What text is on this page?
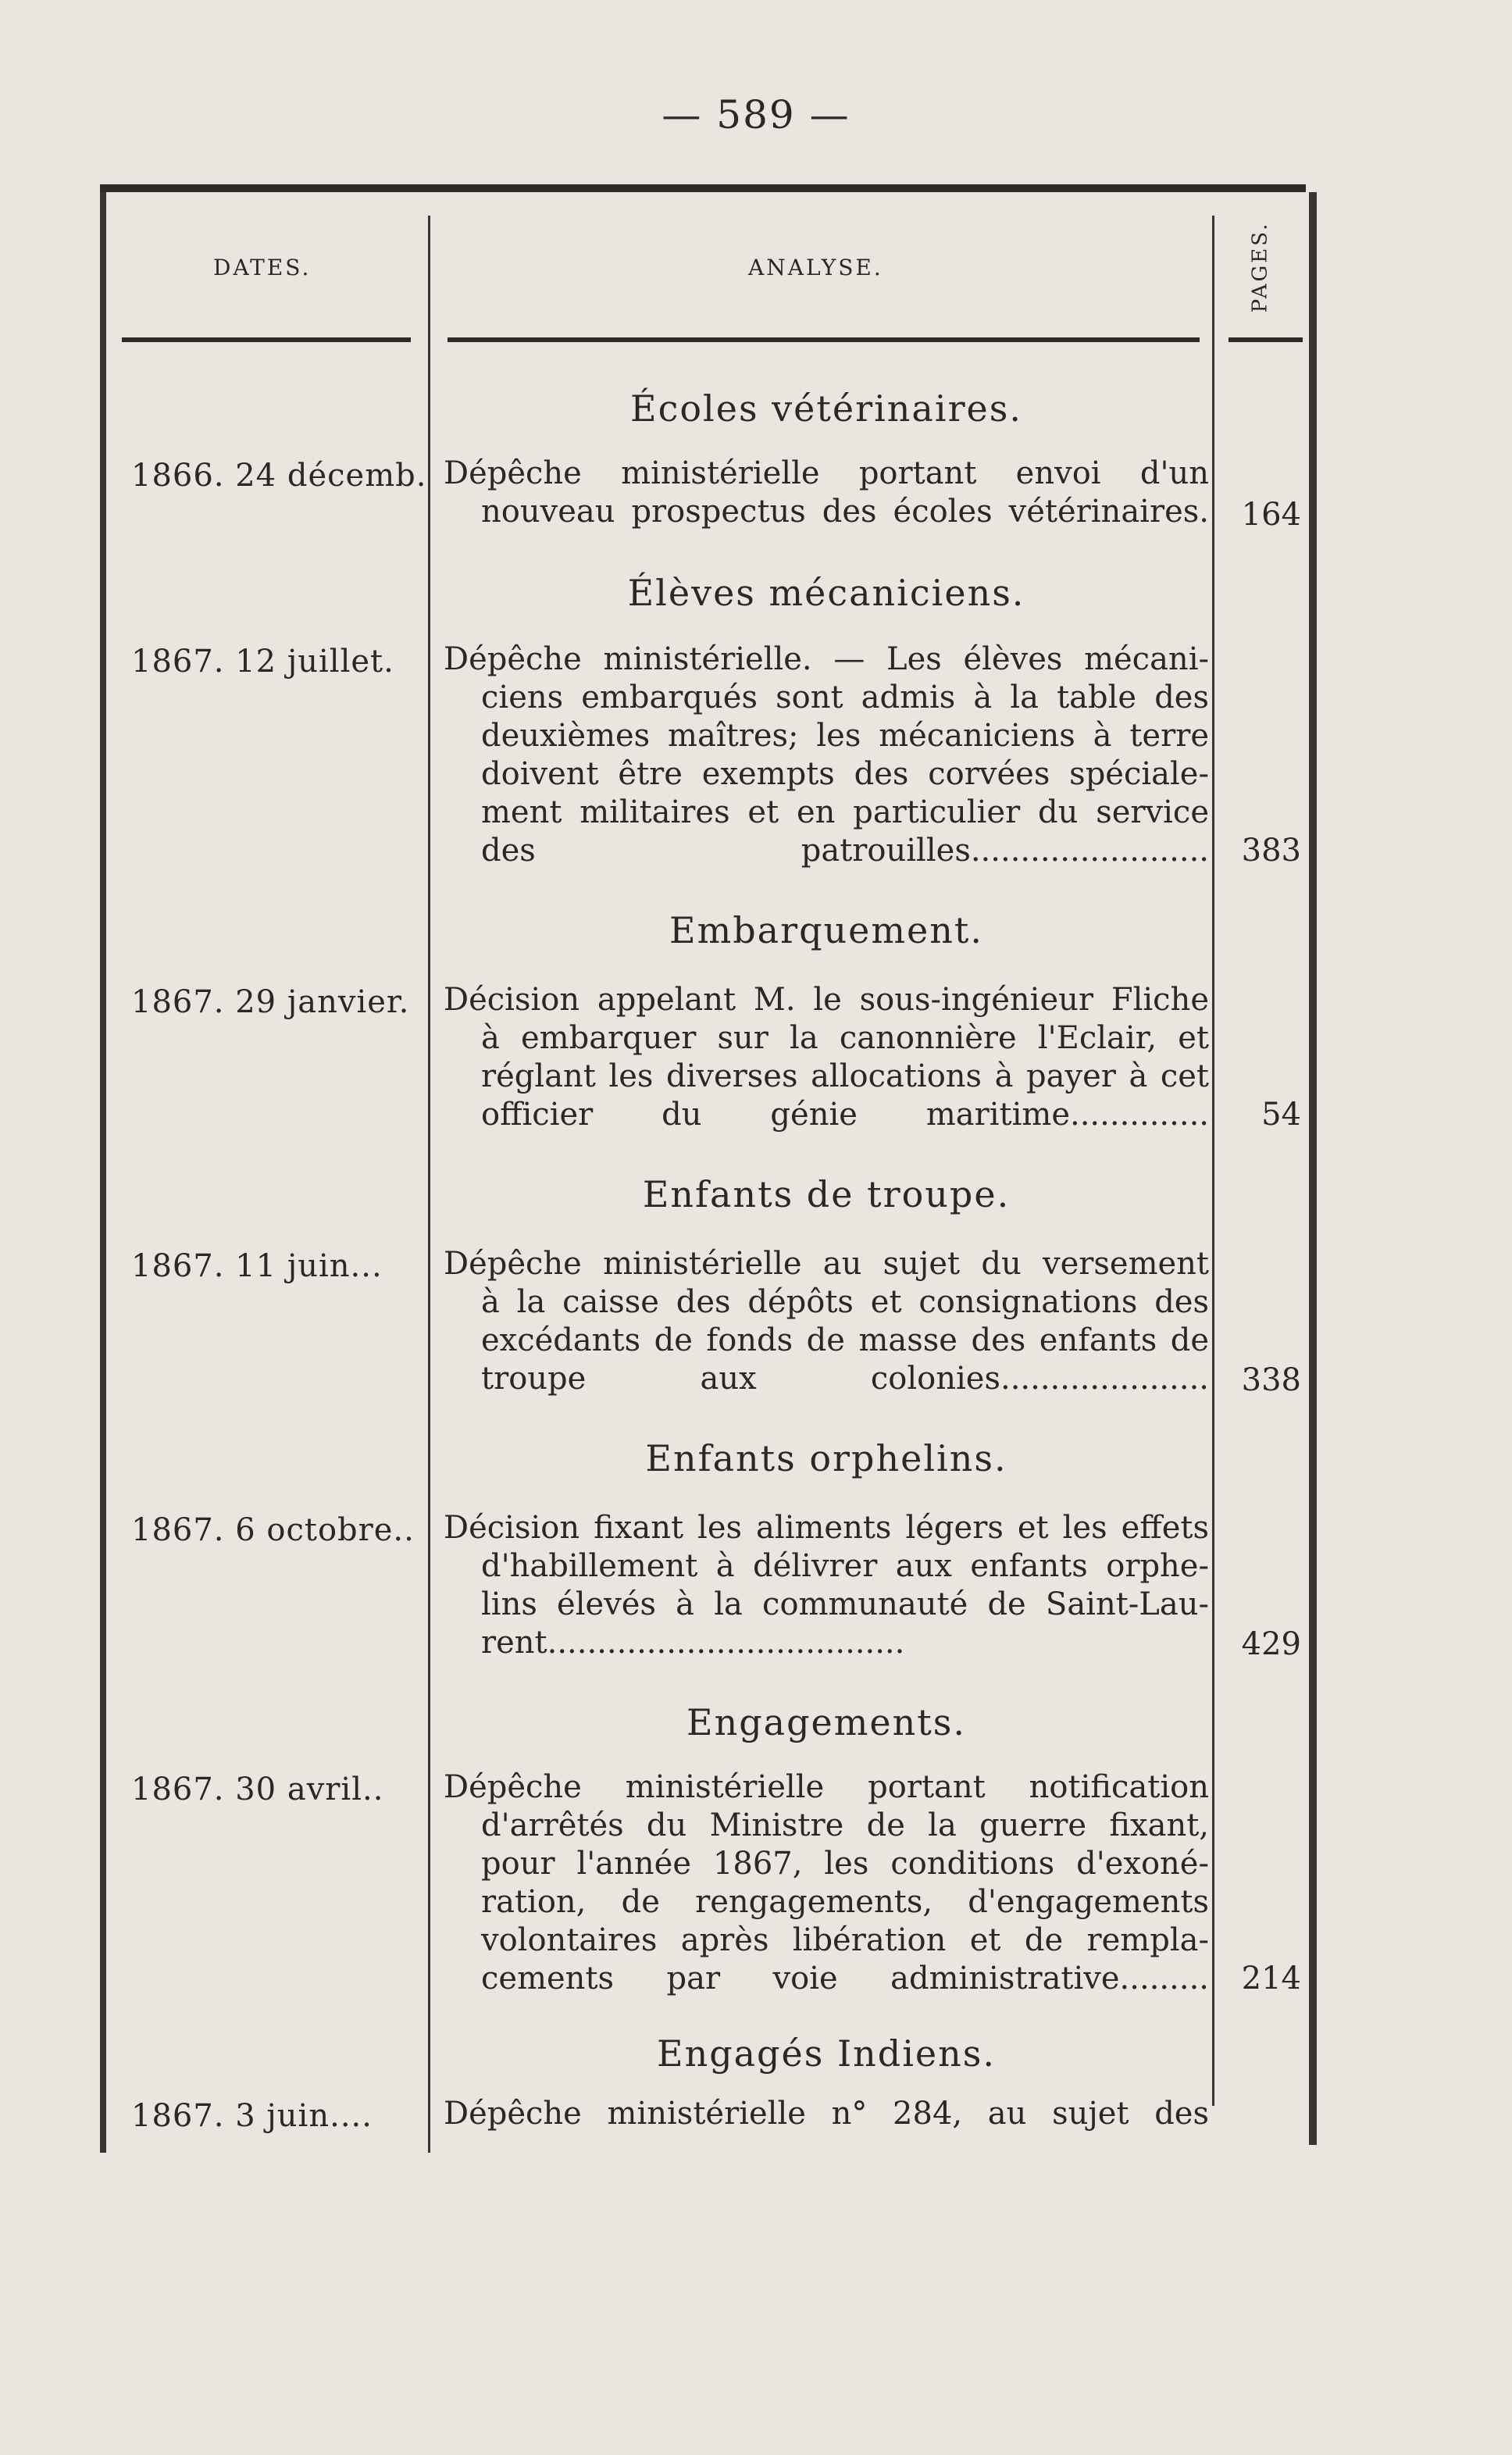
— 589 —
DATES.	ANALYSE.	PAGES.
Écoles vétérinaires.
1866. 24 décemb. Dépêche ministérielle portant envoi d'un
nouveau prospectus des écoles vétérinaires.	164
Élèves mécaniciens.
1867. 12 juillet.	Dépêche ministérielle. — Les élèves mécani-
ciens embarqués sont admis à la table des
deuxièmes maîtres; les mécaniciens à terre
doivent être exempts des corvées spéciale-
ment militaires et en particulier du service
des patrouilles........................	383
Embarquement.
1867. 29 janvier.	Décision appelant M. le sous-ingénieur Fliche
à embarquer sur la canonnière l'Eclair, et
réglant les diverses allocations à payer à cet
officier du génie maritime..............	54
Enfants de troupe.
1867. 11 juin...	Dépêche ministérielle au sujet du versement
à la caisse des dépôts et consignations des
excédants de fonds de masse des enfants de
troupe aux colonies.....................	338
Enfants orphelins.
1867. 6 octobre.. Décision fixant les aliments légers et les effets
d'habillement à délivrer aux enfants orphe-
lins élevés à la communauté de Saint-Lau-
rent....................................	429
Engagements.
1867. 30 avril..	Dépêche ministérielle portant notification
d'arrêtés du Ministre de la guerre fixant,
pour l'année 1867, les conditions d'exoné-
ration, de rengagements, d'engagements
volontaires après libération et de rempla-
cements par voie administrative.........	214
Engagés Indiens.
1867. 3 juin....	Dépêche ministérielle n° 284, au sujet des
